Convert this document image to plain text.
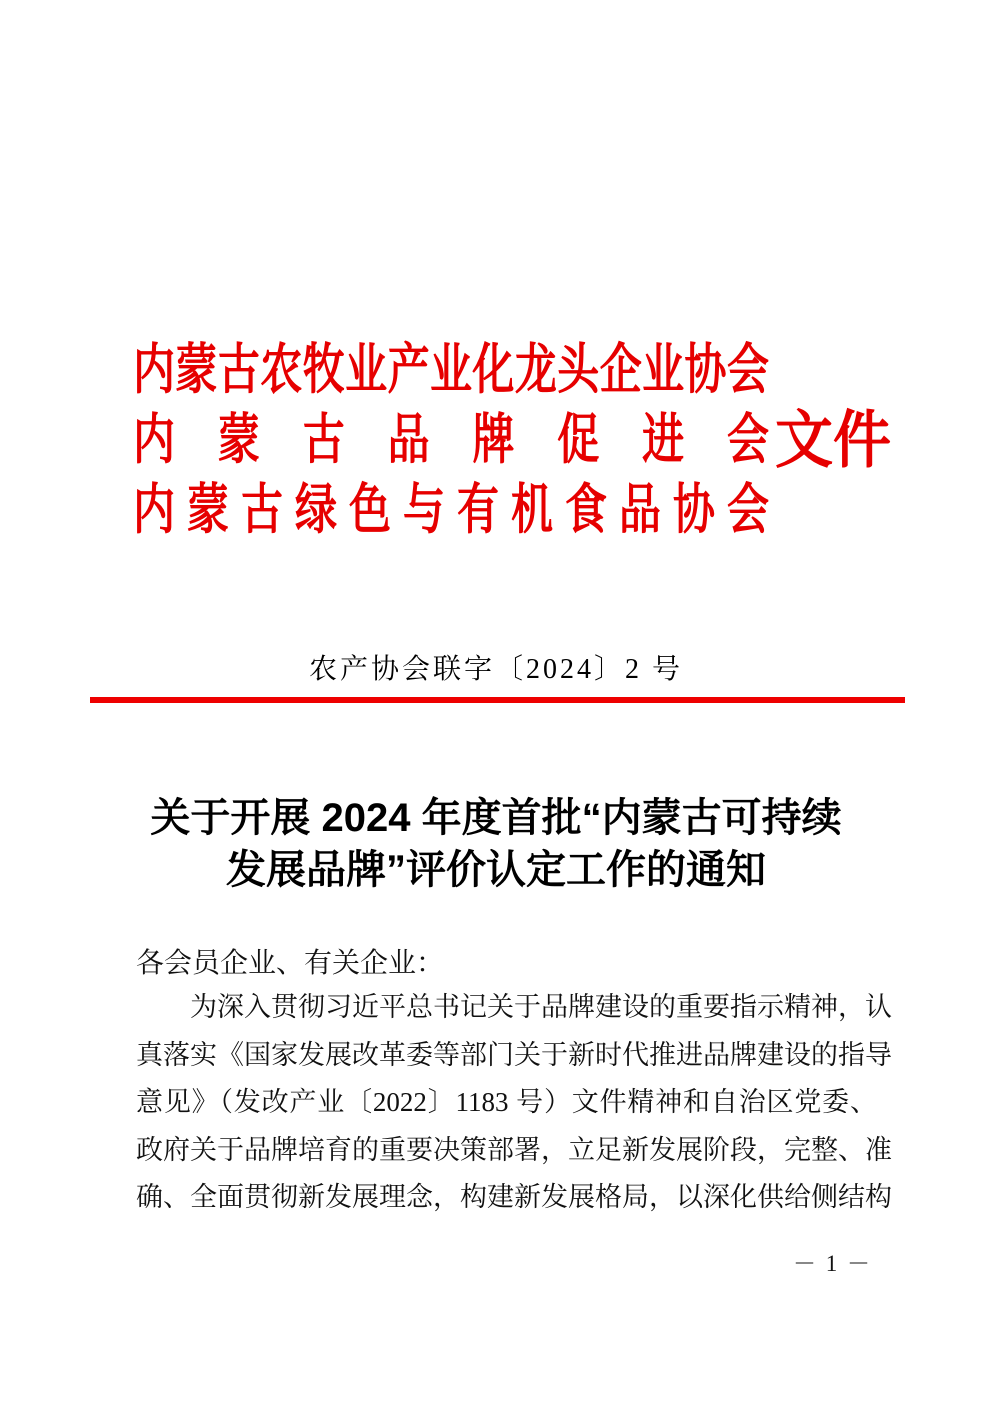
内蒙古农牧业产业化龙头企业协会
内蒙古品牌促进会
内蒙古绿色与有机食品协会
文件
农产协会联字〔2024〕2 号
关于开展 2024 年度首批“内蒙古可持续
发展品牌”评价认定工作的通知
各会员企业、有关企业：
为深入贯彻习近平总书记关于品牌建设的重要指示精神，认
真落实《国家发展改革委等部门关于新时代推进品牌建设的指导
意见》（发改产业〔2022〕1183 号）文件精神和自治区党委、
政府关于品牌培育的重要决策部署，立足新发展阶段，完整、准
确、全面贯彻新发展理念，构建新发展格局，以深化供给侧结构
－ 1 －
